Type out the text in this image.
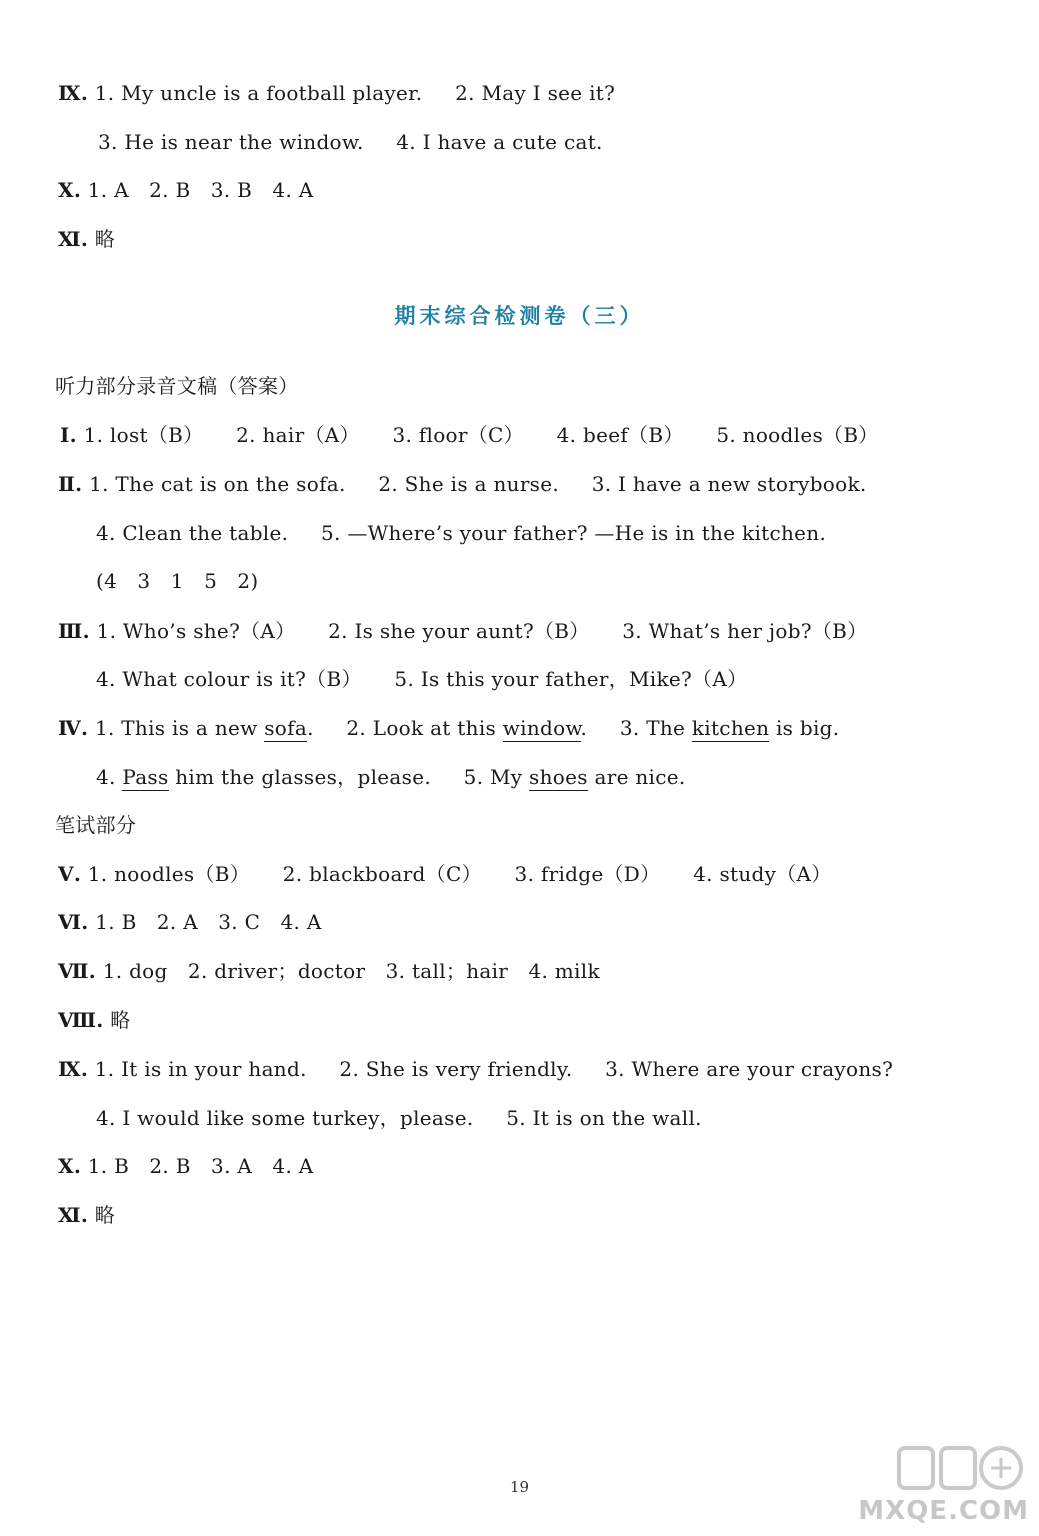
Ⅸ. 1. My uncle is a football player. 2. May I see it?
3. He is near the window. 4. I have a cute cat.
Ⅹ. 1. A　2. B　3. B　4. A
Ⅺ. 略
期末综合检测卷（三）
听力部分录音文稿（答案）
Ⅰ. 1. lost（B） 2. hair（A） 3. floor（C） 4. beef（B） 5. noodles（B）
Ⅱ. 1. The cat is on the sofa. 2. She is a nurse. 3. I have a new storybook.
4. Clean the table. 5. —Where’s your father? —He is in the kitchen.
(4　3　1　5　2)
Ⅲ. 1. Who’s she?（A） 2. Is she your aunt?（B） 3. What’s her job?（B）
4. What colour is it?（B） 5. Is this your father，Mike?（A）
Ⅳ. 1. This is a new sofa. 2. Look at this window. 3. The kitchen is big.
4. Pass him the glasses，please. 5. My shoes are nice.
笔试部分
Ⅴ. 1. noodles（B） 2. blackboard（C） 3. fridge（D） 4. study（A）
Ⅵ. 1. B　2. A　3. C　4. A
Ⅶ. 1. dog　2. driver；doctor　3. tall；hair　4. milk
Ⅷ. 略
Ⅸ. 1. It is in your hand. 2. She is very friendly. 3. Where are your crayons?
4. I would like some turkey，please. 5. It is on the wall.
Ⅹ. 1. B　2. B　3. A　4. A
Ⅺ. 略
19
MXQE.COM
